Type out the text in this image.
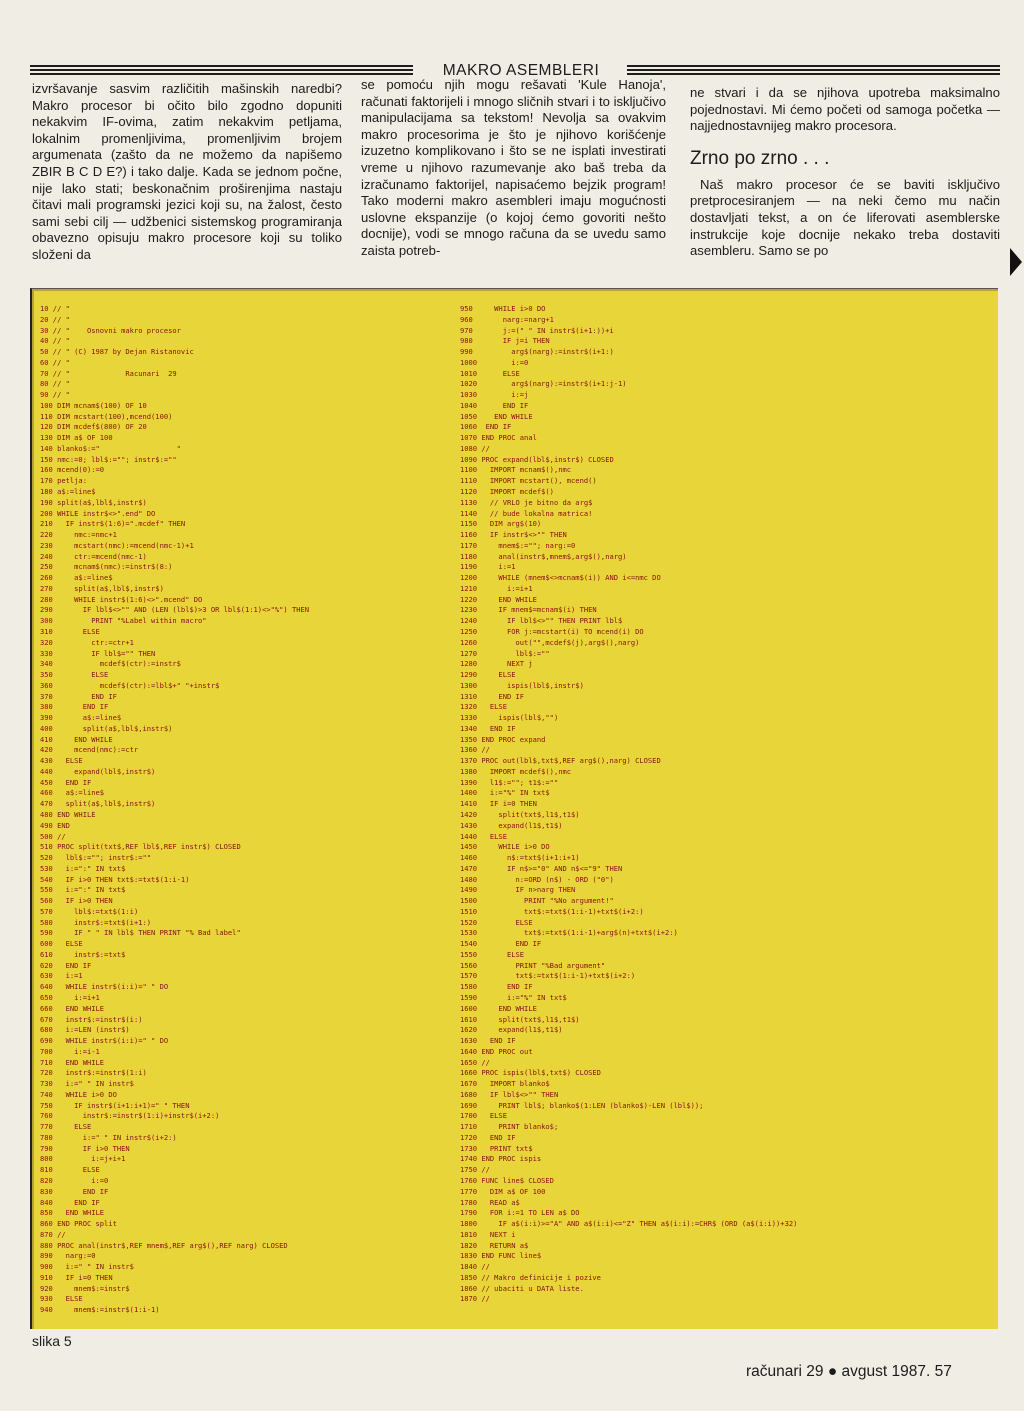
MAKRO ASEMBLERI

izvršavanje sasvim različitih mašinskih naredbi? Makro procesor bi očito bilo zgodno dopuniti nekakvim IF-ovima, zatim nekakvim petljama, lokalnim promenljivima, promenljivim brojem argumenata (zašto da ne možemo da napišemo ZBIR B C D E?) i tako dalje. Kada se jednom počne, nije lako stati; beskonačnim proširenjima nastaju čitavi mali programski jezici koji su, na žalost, često sami sebi cilj — udžbenici sistemskog programiranja obavezno opisuju makro procesore koji su toliko složeni da

se pomoću njih mogu rešavati 'Kule Hanoja', računati faktorijeli i mnogo sličnih stvari i to isključivo manipulacijama sa tekstom! Nevolja sa ovakvim makro procesorima je što je njihovo korišćenje izuzetno komplikovano i što se ne isplati investirati vreme u njihovo razumevanje ako baš treba da izračunamo faktorijel, napisaćemo bejzik program! Tako moderni makro asembleri imaju mogućnosti uslovne ekspanzije (o kojoj ćemo govoriti nešto docnije), vodi se mnogo računa da se uvedu samo zaista potreb-

ne stvari i da se njihova upotreba maksimalno pojednostavi. Mi ćemo početi od samoga početka — najjednostavnijeg makro procesora.

Zrno po zrno . . .

Naš makro procesor će se baviti isključivo pretprocesiranjem — na neki čemo mu način dostavljati tekst, a on će liferovati asemblerske instrukcije koje docnije nekako treba dostaviti asembleru. Samo se po

10 // "
20 // "
30 // "    Osnovni makro procesor
40 // "
50 // " (C) 1987 by Dejan Ristanovic
60 // "
70 // "             Racunari  29
80 // "
90 // "
100 DIM mcnam$(100) OF 10
110 DIM mcstart(100),mcend(100)
120 DIM mcdef$(800) OF 20
130 DIM a$ OF 100
140 blanko$:="                  "
150 nmc:=0; lbl$:=""; instr$:=""
160 mcend(0):=0
170 petlja:
180 a$:=line$
190 split(a$,lbl$,instr$)
200 WHILE instr$<>".end" DO
210   IF instr$(1:6)=".mcdef" THEN
220     nmc:=nmc+1
230     mcstart(nmc):=mcend(nmc-1)+1
240     ctr:=mcend(nmc-1)
250     mcnam$(nmc):=instr$(8:)
260     a$:=line$
270     split(a$,lbl$,instr$)
280     WHILE instr$(1:6)<>".mcend" DO
290       IF lbl$<>"" AND (LEN (lbl$)>3 OR lbl$(1:1)<>"%") THEN
300         PRINT "%Label within macro"
310       ELSE
320         ctr:=ctr+1
330         IF lbl$="" THEN
340           mcdef$(ctr):=instr$
350         ELSE
360           mcdef$(ctr):=lbl$+" "+instr$
370         END IF
380       END IF
390       a$:=line$
400       split(a$,lbl$,instr$)
410     END WHILE
420     mcend(nmc):=ctr
430   ELSE
440     expand(lbl$,instr$)
450   END IF
460   a$:=line$
470   split(a$,lbl$,instr$)
480 END WHILE
490 END
500 //
510 PROC split(txt$,REF lbl$,REF instr$) CLOSED
520   lbl$:=""; instr$:=""
530   i:=":" IN txt$
540   IF i>0 THEN txt$:=txt$(1:i-1)
550   i:=":" IN txt$
560   IF i>0 THEN
570     lbl$:=txt$(1:i)
580     instr$:=txt$(i+1:)
590     IF " " IN lbl$ THEN PRINT "% Bad label"
600   ELSE
610     instr$:=txt$
620   END IF
630   i:=1
640   WHILE instr$(i:i)=" " DO
650     i:=i+1
660   END WHILE
670   instr$:=instr$(i:)
680   i:=LEN (instr$)
690   WHILE instr$(i:i)=" " DO
700     i:=i-1
710   END WHILE
720   instr$:=instr$(1:i)
730   i:=" " IN instr$
740   WHILE i>0 DO
750     IF instr$(i+1:i+1)=" " THEN
760       instr$:=instr$(1:i)+instr$(i+2:)
770     ELSE
780       i:=" " IN instr$(i+2:)
790       IF i>0 THEN
800         i:=j+i+1
810       ELSE
820         i:=0
830       END IF
840     END IF
850   END WHILE
860 END PROC split
870 //
880 PROC anal(instr$,REF mnem$,REF arg$(),REF narg) CLOSED
890   narg:=0
900   i:=" " IN instr$
910   IF i=0 THEN
920     mnem$:=instr$
930   ELSE
940     mnem$:=instr$(1:i-1)
950     WHILE i>0 DO
960       narg:=narg+1
970       j:=(" " IN instr$(i+1:))+i
980       IF j=i THEN
990         arg$(narg):=instr$(i+1:)
1000        i:=0
1010      ELSE
1020        arg$(narg):=instr$(i+1:j-1)
1030        i:=j
1040      END IF
1050    END WHILE
1060  END IF
1070 END PROC anal
1080 //
1090 PROC expand(lbl$,instr$) CLOSED
1100   IMPORT mcnam$(),nmc
1110   IMPORT mcstart(), mcend()
1120   IMPORT mcdef$()
1130   // VRLO je bitno da arg$
1140   // bude lokalna matrica!
1150   DIM arg$(10)
1160   IF instr$<>"" THEN
1170     mnem$:=""; narg:=0
1180     anal(instr$,mnem$,arg$(),narg)
1190     i:=1
1200     WHILE (mnem$<>mcnam$(i)) AND i<=nmc DO
1210       i:=i+1
1220     END WHILE
1230     IF mnem$=mcnam$(i) THEN
1240       IF lbl$<>"" THEN PRINT lbl$
1250       FOR j:=mcstart(i) TO mcend(i) DO
1260         out("",mcdef$(j),arg$(),narg)
1270         lbl$:=""
1280       NEXT j
1290     ELSE
1300       ispis(lbl$,instr$)
1310     END IF
1320   ELSE
1330     ispis(lbl$,"")
1340   END IF
1350 END PROC expand
1360 //
1370 PROC out(lbl$,txt$,REF arg$(),narg) CLOSED
1380   IMPORT mcdef$(),nmc
1390   l1$:=""; t1$:=""
1400   i:="%" IN txt$
1410   IF i=0 THEN
1420     split(txt$,l1$,t1$)
1430     expand(l1$,t1$)
1440   ELSE
1450     WHILE i>0 DO
1460       n$:=txt$(i+1:i+1)
1470       IF n$>="0" AND n$<="9" THEN
1480         n:=ORD (n$) - ORD ("0")
1490         IF n>narg THEN
1500           PRINT "%No argument!"
1510           txt$:=txt$(1:i-1)+txt$(i+2:)
1520         ELSE
1530           txt$:=txt$(1:i-1)+arg$(n)+txt$(i+2:)
1540         END IF
1550       ELSE
1560         PRINT "%Bad argument"
1570         txt$:=txt$(1:i-1)+txt$(i+2:)
1580       END IF
1590       i:="%" IN txt$
1600     END WHILE
1610     split(txt$,l1$,t1$)
1620     expand(l1$,t1$)
1630   END IF
1640 END PROC out
1650 //
1660 PROC ispis(lbl$,txt$) CLOSED
1670   IMPORT blanko$
1680   IF lbl$<>"" THEN
1690     PRINT lbl$; blanko$(1:LEN (blanko$)-LEN (lbl$));
1700   ELSE
1710     PRINT blanko$;
1720   END IF
1730   PRINT txt$
1740 END PROC ispis
1750 //
1760 FUNC line$ CLOSED
1770   DIM a$ OF 100
1780   READ a$
1790   FOR i:=1 TO LEN a$ DO
1800     IF a$(i:i)>="A" AND a$(i:i)<="Z" THEN a$(i:i):=CHR$ (ORD (a$(i:i))+32)
1810   NEXT i
1820   RETURN a$
1830 END FUNC line$
1840 //
1850 // Makro definicije i pozive
1860 // ubaciti u DATA liste.
1870 //
slika 5
računari 29 ● avgust 1987. 57
